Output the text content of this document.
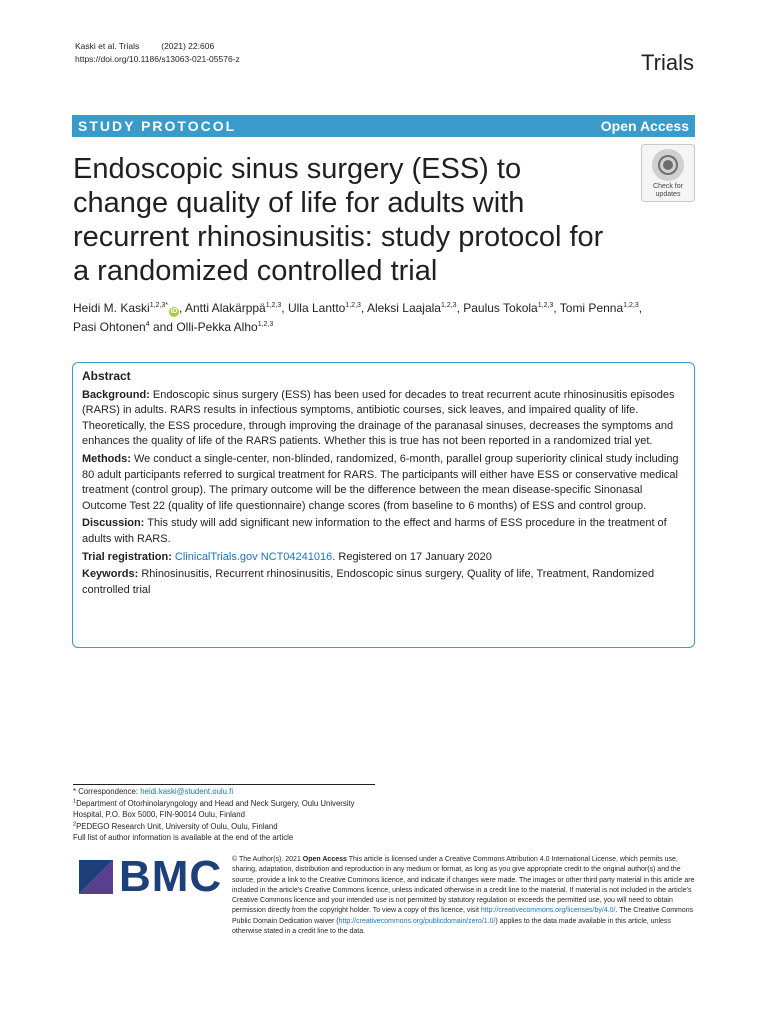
Kaski et al. Trials	(2021) 22:606
https://doi.org/10.1186/s13063-021-05576-z	Trials
STUDY PROTOCOL	Open Access
Endoscopic sinus surgery (ESS) to change quality of life for adults with recurrent rhinosinusitis: study protocol for a randomized controlled trial
Check for
updates
Heidi M. Kaski$^{1,2,3*}$iD , Antti Alakärppä$^{1,2,3}$, Ulla Lantto$^{1,2,3}$, Aleksi Laajala$^{1,2,3}$, Paulus Tokola$^{1,2,3}$, Tomi Penna$^{1,2,3}$,
Pasi Ohtonen$^4$ and Olli-Pekka Alho$^{1,2,3}$
Abstract

Background: Endoscopic sinus surgery (ESS) has been used for decades to treat recurrent acute rhinosinusitis episodes (RARS) in adults. RARS results in infectious symptoms, antibiotic courses, sick leaves, and impaired quality of life. Theoretically, the ESS procedure, through improving the drainage of the paranasal sinuses, decreases the symptoms and enhances the quality of life of the RARS patients. Whether this is true has not been reported in a randomized trial yet.

Methods: We conduct a single-center, non-blinded, randomized, 6-month, parallel group superiority clinical study including 80 adult participants referred to surgical treatment for RARS. The participants will either have ESS or conservative medical treatment (control group). The primary outcome will be the difference between the mean disease-specific Sinonasal Outcome Test 22 (quality of life questionnaire) change scores (from baseline to 6 months) of ESS and control group.

Discussion: This study will add significant new information to the effect and harms of ESS procedure in the treatment of adults with RARS.

Trial registration: ClinicalTrials.gov NCT04241016. Registered on 17 January 2020

Keywords: Rhinosinusitis, Recurrent rhinosinusitis, Endoscopic sinus surgery, Quality of life, Treatment, Randomized controlled trial

* Correspondence: heidi.kaski@student.oulu.fi
$^1$Department of Otorhinolaryngology and Head and Neck Surgery, Oulu University Hospital, P.O. Box 5000, FIN-90014 Oulu, Finland
$^2$PEDEGO Research Unit, University of Oulu, Oulu, Finland
Full list of author information is available at the end of the article
BMC © The Author(s). 2021 Open Access This article is licensed under a Creative Commons Attribution 4.0 International License, which permits use, sharing, adaptation, distribution and reproduction in any medium or format, as long as you give appropriate credit to the original author(s) and the source, provide a link to the Creative Commons licence, and indicate if changes were made. The images or other third party material in this article are included in the article's Creative Commons licence, unless indicated otherwise in a credit line to the material. If material is not included in the article's Creative Commons licence and your intended use is not permitted by statutory regulation or exceeds the permitted use, you will need to obtain permission directly from the copyright holder. To view a copy of this licence, visit http://creativecommons.org/licenses/by/4.0/. The Creative Commons Public Domain Dedication waiver (http://creativecommons.org/publicdomain/zero/1.0/) applies to the data made available in this article, unless otherwise stated in a credit line to the data.
